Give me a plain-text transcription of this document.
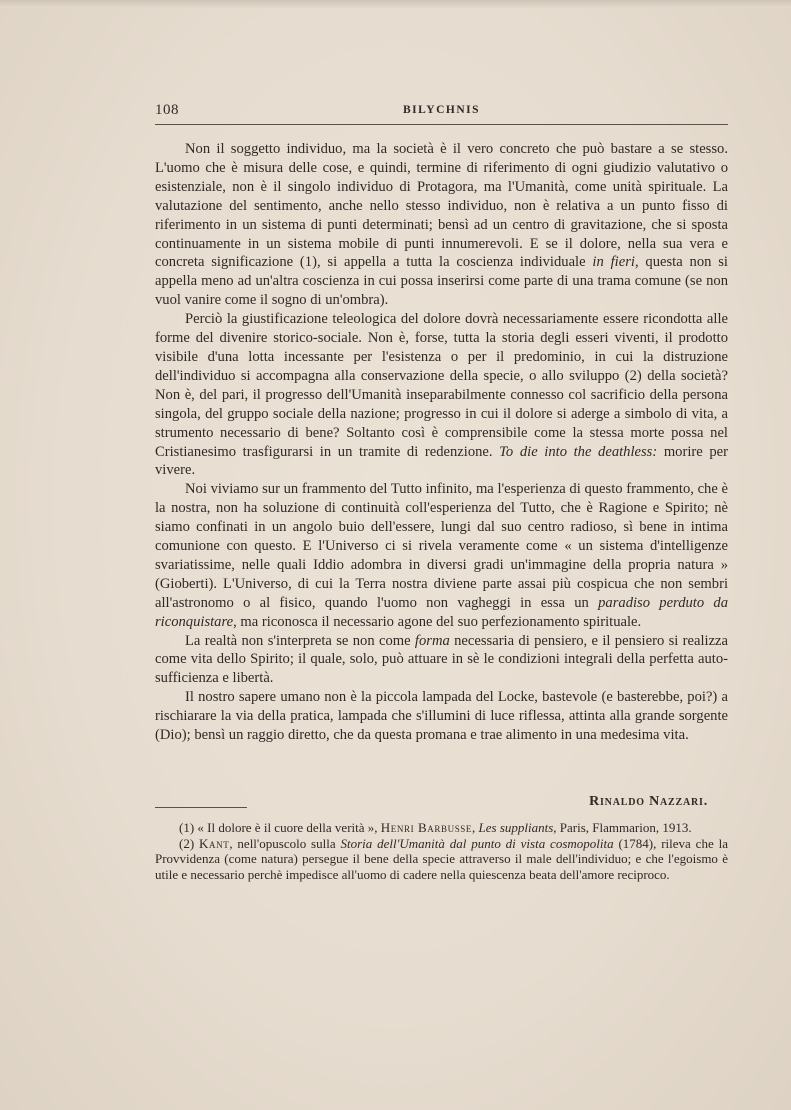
108	BILYCHNIS

Non il soggetto individuo, ma la società è il vero concreto che può bastare a se stesso. L'uomo che è misura delle cose, e quindi, termine di riferimento di ogni giudizio valutativo o esistenziale, non è il singolo individuo di Protagora, ma l'Umanità, come unità spirituale. La valutazione del sentimento, anche nello stesso individuo, non è relativa a un punto fisso di riferimento in un sistema di punti determinati; bensì ad un centro di gravitazione, che si sposta continuamente in un sistema mobile di punti innumerevoli. E se il dolore, nella sua vera e concreta significazione (1), si appella a tutta la coscienza individuale in fieri, questa non si appella meno ad un'altra coscienza in cui possa inserirsi come parte di una trama comune (se non vuol vanire come il sogno di un'ombra).

Perciò la giustificazione teleologica del dolore dovrà necessariamente essere ricondotta alle forme del divenire storico-sociale. Non è, forse, tutta la storia degli esseri viventi, il prodotto visibile d'una lotta incessante per l'esistenza o per il predominio, in cui la distruzione dell'individuo si accompagna alla conservazione della specie, o allo sviluppo (2) della società? Non è, del pari, il progresso dell'Umanità inseparabilmente connesso col sacrificio della persona singola, del gruppo sociale della nazione; progresso in cui il dolore si aderge a simbolo di vita, a strumento necessario di bene? Soltanto così è comprensibile come la stessa morte possa nel Cristianesimo trasfigurarsi in un tramite di redenzione. To die into the deathless: morire per vivere.

Noi viviamo sur un frammento del Tutto infinito, ma l'esperienza di questo frammento, che è la nostra, non ha soluzione di continuità coll'esperienza del Tutto, che è Ragione e Spirito; nè siamo confinati in un angolo buio dell'essere, lungi dal suo centro radioso, sì bene in intima comunione con questo. E l'Universo ci si rivela veramente come « un sistema d'intelligenze svariatissime, nelle quali Iddio adombra in diversi gradi un'immagine della propria natura » (Gioberti). L'Universo, di cui la Terra nostra diviene parte assai più cospicua che non sembri all'astronomo o al fisico, quando l'uomo non vagheggi in essa un paradiso perduto da riconquistare, ma riconosca il necessario agone del suo perfezionamento spirituale.

La realtà non s'interpreta se non come forma necessaria di pensiero, e il pensiero si realizza come vita dello Spirito; il quale, solo, può attuare in sè le condizioni integrali della perfetta auto-sufficienza e libertà.

Il nostro sapere umano non è la piccola lampada del Locke, bastevole (e basterebbe, poi?) a rischiarare la via della pratica, lampada che s'illumini di luce riflessa, attinta alla grande sorgente (Dio); bensì un raggio diretto, che da questa promana e trae alimento in una medesima vita.

Rinaldo Nazzari.

(1) « Il dolore è il cuore della verità », Henri Barbusse, Les suppliants, Paris, Flammarion, 1913.

(2) Kant, nell'opuscolo sulla Storia dell'Umanità dal punto di vista cosmopolita (1784), rileva che la Provvidenza (come natura) persegue il bene della specie attraverso il male dell'individuo; e che l'egoismo è utile e necessario perchè impedisce all'uomo di cadere nella quiescenza beata dell'amore reciproco.
